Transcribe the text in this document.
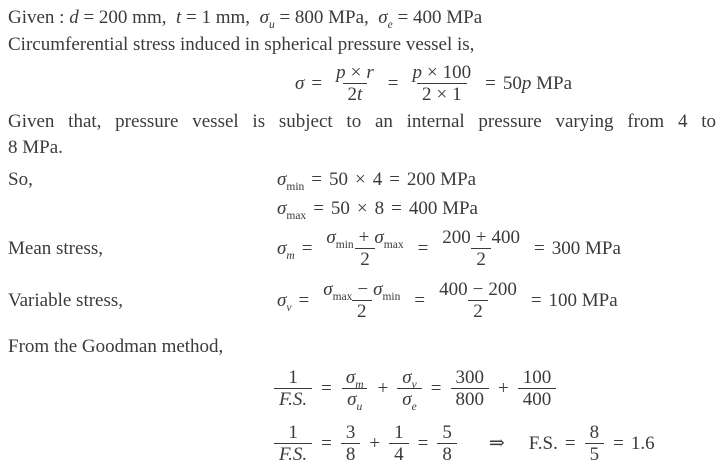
Given : d = 200 mm,  t = 1 mm,  $\sigma_u = 800$ MPa,  $\sigma_e = 400$ MPa
Circumferential stress induced in spherical pressure vessel is,
$\sigma = \frac{p \times r}{2 t} = \frac{p \times 100}{2 \times 1} = 50$ p MPa
Given that, pressure vessel is subject to an internal pressure varying from 4 to
8 MPa.
So,	$\sigma_{min} = 50 \times 4 = 200$ MPa
$\sigma_{max} = 50 \times 8 = 400$ MPa
Mean stress,	$\sigma_m = \frac{\sigma_{min} + \sigma_{max}}{2} = \frac{200 + 400}{2} = 300$ MPa
Variable stress,	$\sigma_v = \frac{\sigma_{max} - \sigma_{min}}{2} = \frac{400 - 200}{2} = 100$ MPa
From the Goodman method,
$\frac{1}{F.S.} = \frac{\sigma_m}{\sigma_u} + \frac{\sigma_v}{\sigma_e} = \frac{300}{800} + \frac{100}{400}$
$\frac{1}{F.S.} = \frac{3}{8} + \frac{1}{4} = \frac{5}{8}$ ⇒ F.S. = $\frac{8}{5} = 1.6$
